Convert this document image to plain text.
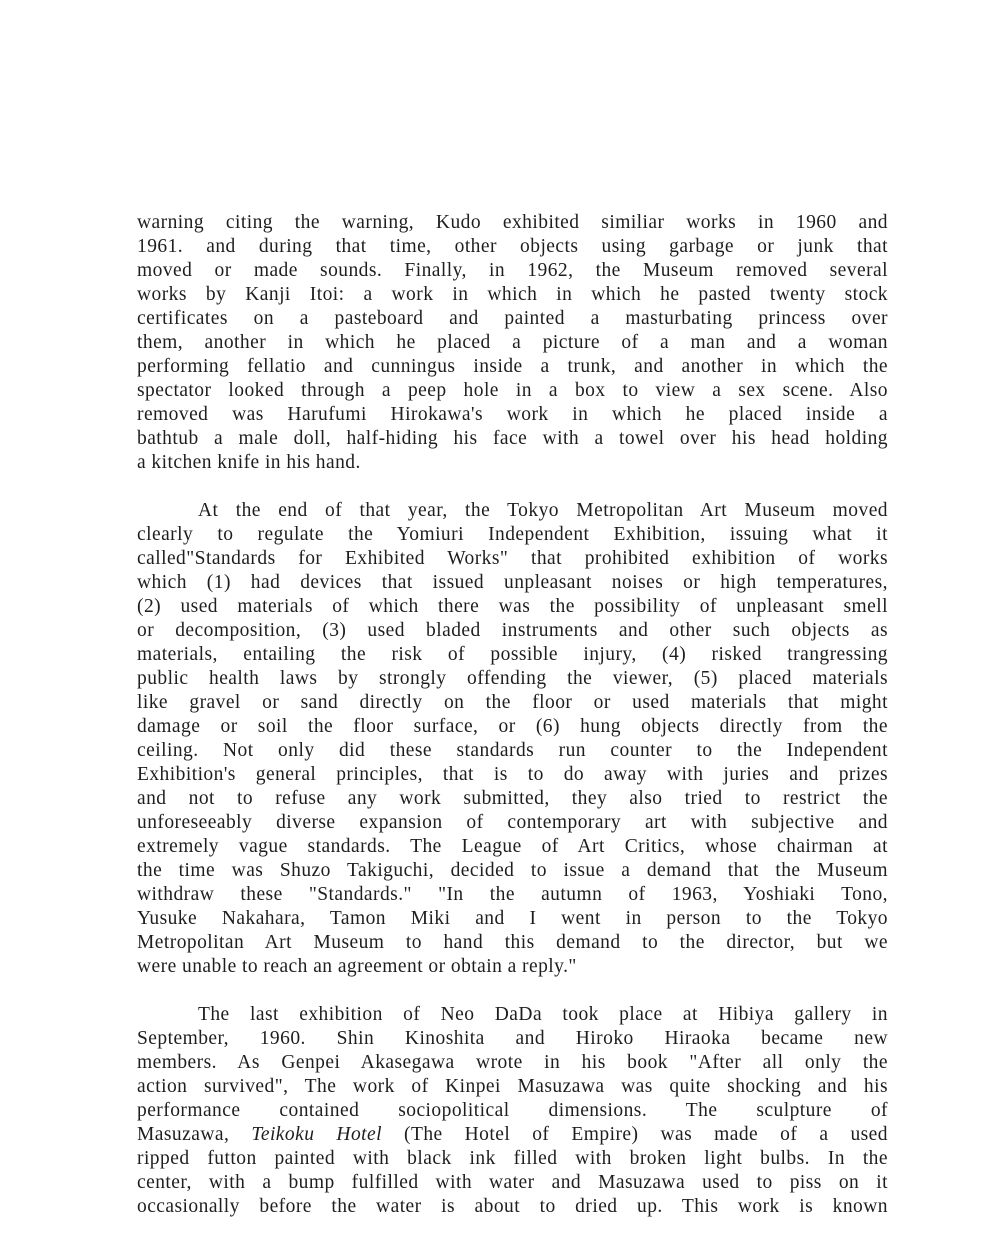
warning citing the warning, Kudo exhibited similiar works in 1960 and
1961. and during that time, other objects using garbage or junk that
moved or made sounds. Finally, in 1962, the Museum removed several
works by Kanji Itoi: a work in which in which he pasted twenty stock
certificates on a pasteboard and painted a masturbating princess over
them, another in which he placed a picture of a man and a woman
performing fellatio and cunningus inside a trunk, and another in which the
spectator looked through a peep hole in a box to view a sex scene. Also
removed was Harufumi Hirokawa's work in which he placed inside a
bathtub a male doll, half-hiding his face with a towel over his head holding
a kitchen knife in his hand.

At the end of that year, the Tokyo Metropolitan Art Museum moved
clearly to regulate the Yomiuri Independent Exhibition, issuing what it
called"Standards for Exhibited Works" that prohibited exhibition of works
which (1) had devices that issued unpleasant noises or high temperatures,
(2) used materials of which there was the possibility of unpleasant smell
or decomposition, (3) used bladed instruments and other such objects as
materials, entailing the risk of possible injury, (4) risked trangressing
public health laws by strongly offending the viewer, (5) placed materials
like gravel or sand directly on the floor or used materials that might
damage or soil the floor surface, or (6) hung objects directly from the
ceiling. Not only did these standards run counter to the Independent
Exhibition's general principles, that is to do away with juries and prizes
and not to refuse any work submitted, they also tried to restrict the
unforeseeably diverse expansion of contemporary art with subjective and
extremely vague standards. The League of Art Critics, whose chairman at
the time was Shuzo Takiguchi, decided to issue a demand that the Museum
withdraw these "Standards." "In the autumn of 1963, Yoshiaki Tono,
Yusuke Nakahara, Tamon Miki and I went in person to the Tokyo
Metropolitan Art Museum to hand this demand to the director, but we
were unable to reach an agreement or obtain a reply."

The last exhibition of Neo DaDa took place at Hibiya gallery in
September, 1960. Shin Kinoshita and Hiroko Hiraoka became new
members. As Genpei Akasegawa wrote in his book "After all only the
action survived", The work of Kinpei Masuzawa was quite shocking and his
performance contained sociopolitical dimensions. The sculpture of
Masuzawa, Teikoku Hotel (The Hotel of Empire) was made of a used
ripped futton painted with black ink filled with broken light bulbs. In the
center, with a bump fulfilled with water and Masuzawa used to piss on it
occasionally before the water is about to dried up. This work is known
